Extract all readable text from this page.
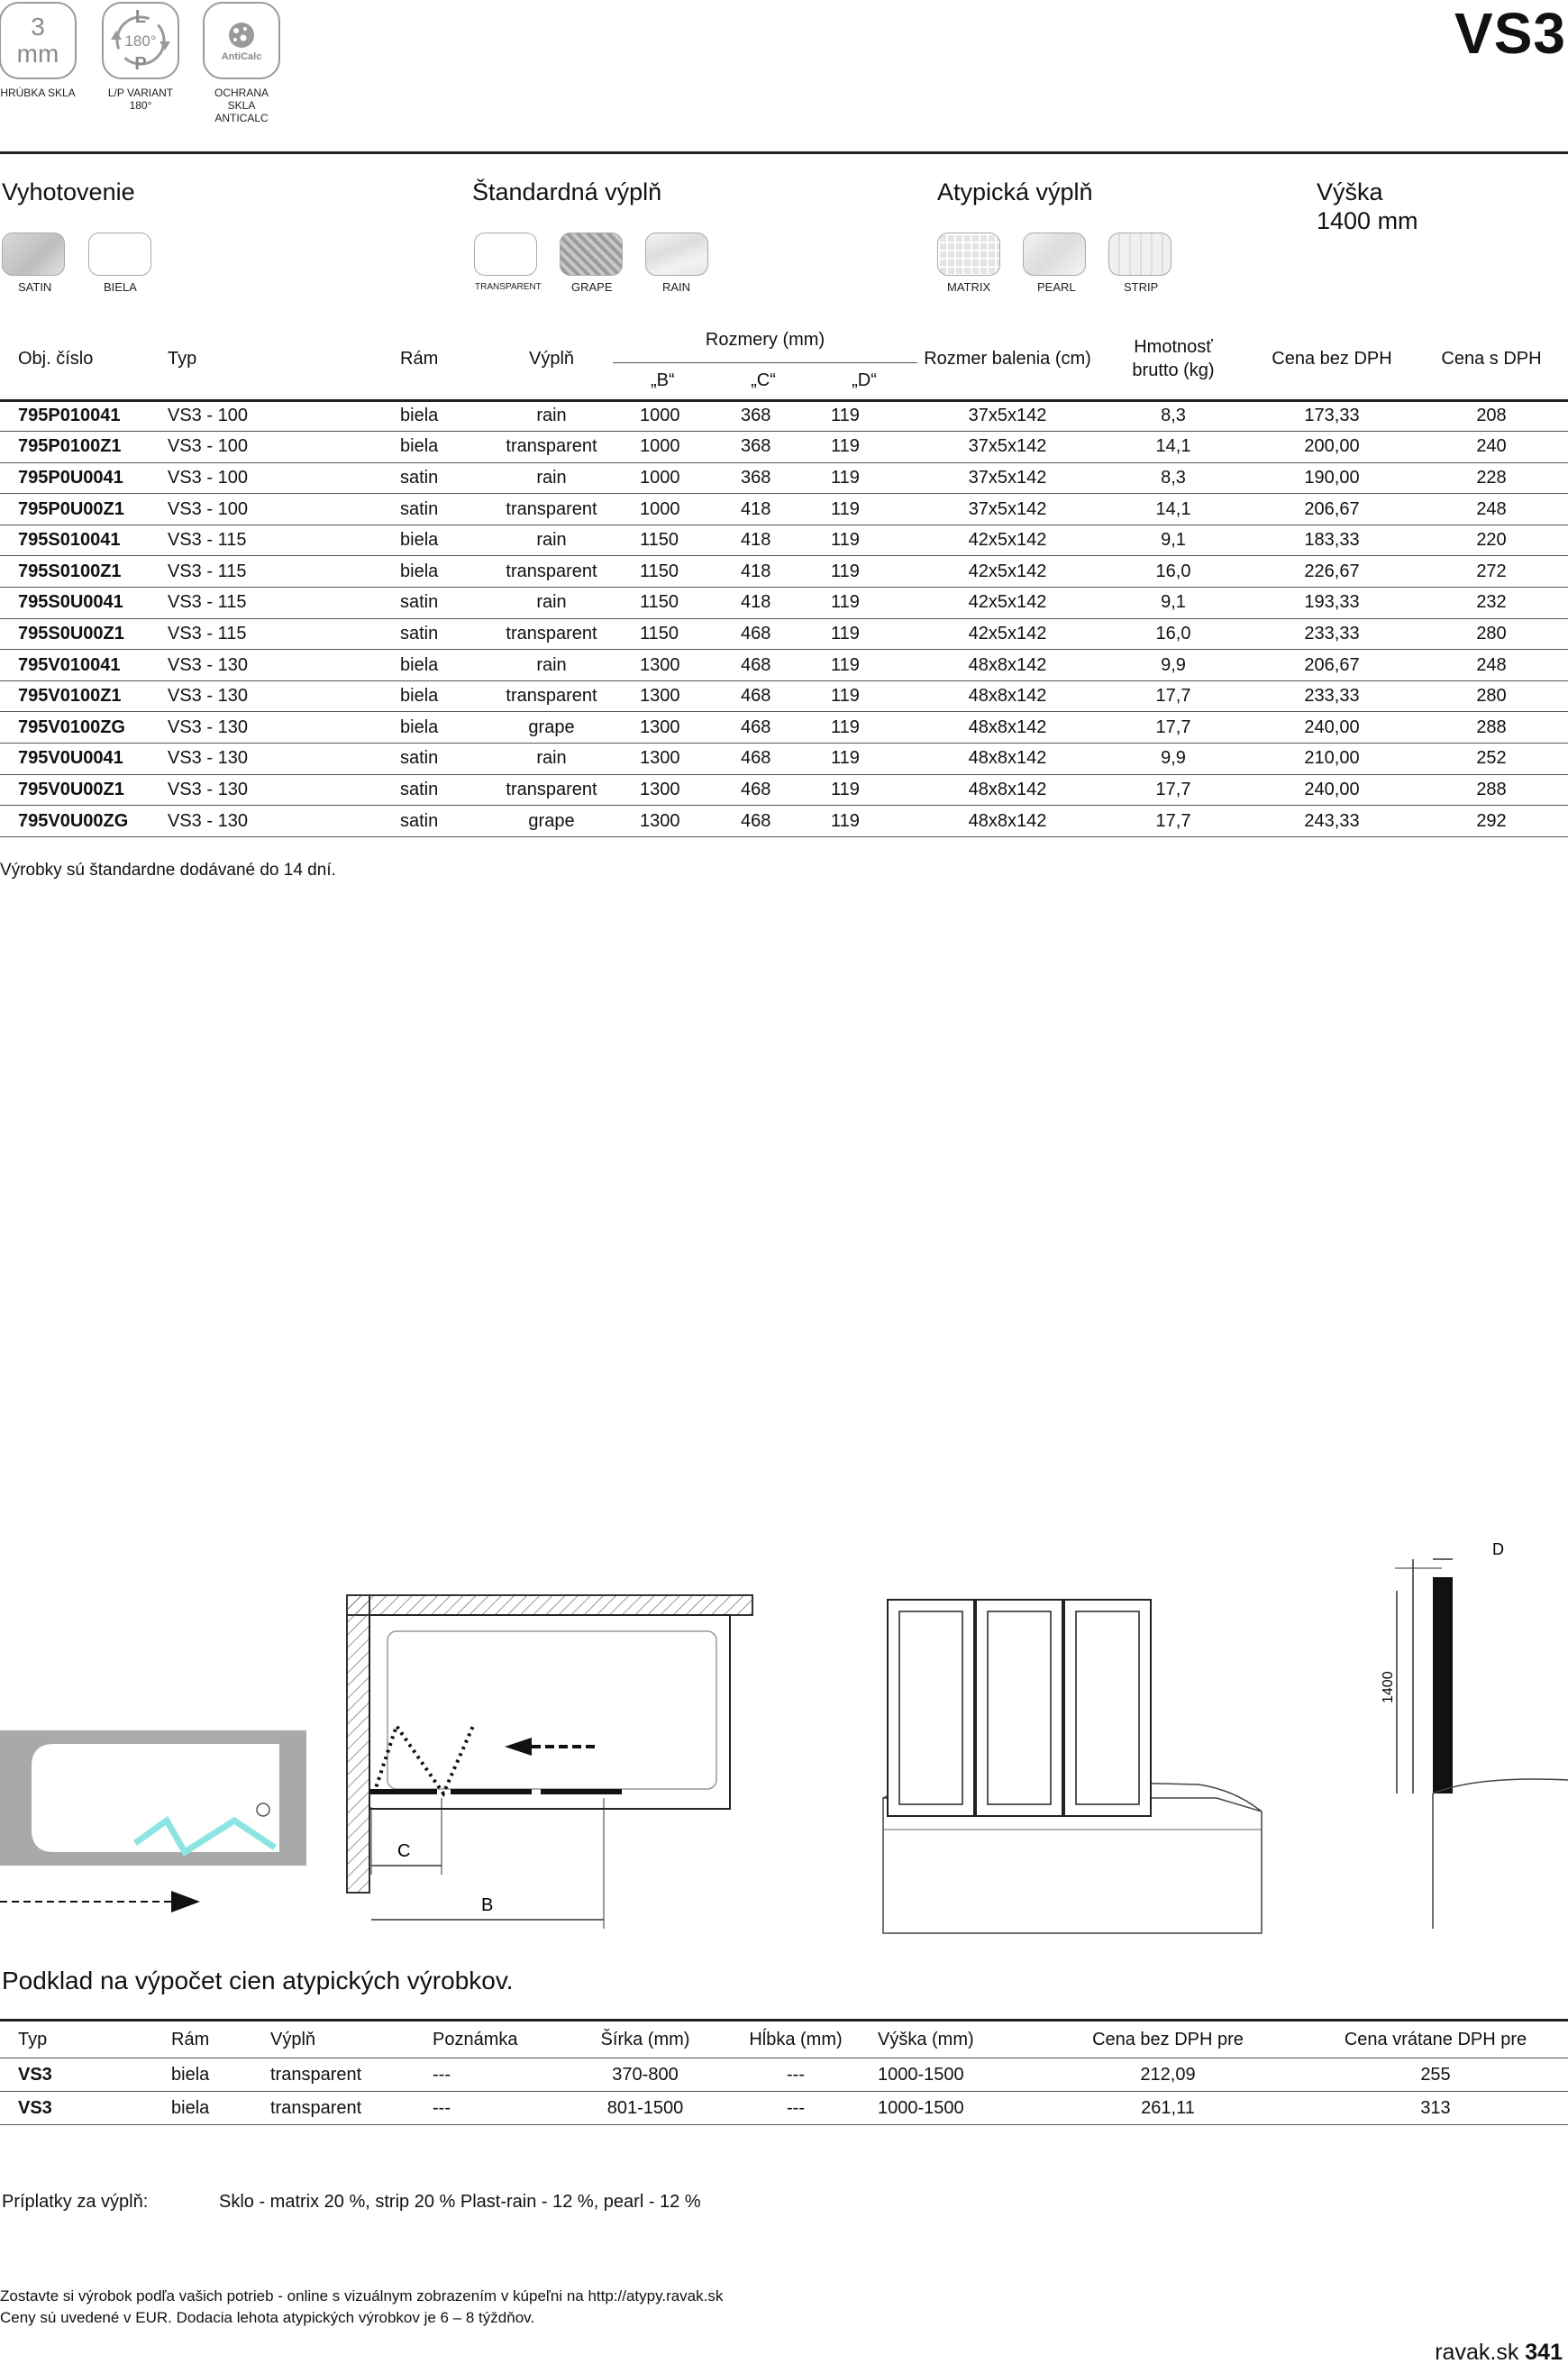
3
mm
HRÚBKA SKLA
L
180°
P
L/P VARIANT
180°
AntiCalc
OCHRANA
SKLA
ANTICALC
VS3
Vyhotovenie
SATIN	BIELA
Štandardná výplň
TRANSPARENT	GRAPE	RAIN
Atypická výplň
MATRIX	PEARL	STRIP
Výška
1400 mm
Obj. číslo	Typ	Rám	Výplň	Rozmery (mm)			Rozmer balenia (cm)	Hmotnosť
brutto (kg)	Cena bez DPH	Cena s DPH
				„B“	„C“	„D“				
795P010041	VS3 - 100	biela	rain	1000	368	119	37x5x142	8,3	173,33	208
795P0100Z1	VS3 - 100	biela	transparent	1000	368	119	37x5x142	14,1	200,00	240
795P0U0041	VS3 - 100	satin	rain	1000	368	119	37x5x142	8,3	190,00	228
795P0U00Z1	VS3 - 100	satin	transparent	1000	418	119	37x5x142	14,1	206,67	248
795S010041	VS3 - 115	biela	rain	1150	418	119	42x5x142	9,1	183,33	220
795S0100Z1	VS3 - 115	biela	transparent	1150	418	119	42x5x142	16,0	226,67	272
795S0U0041	VS3 - 115	satin	rain	1150	418	119	42x5x142	9,1	193,33	232
795S0U00Z1	VS3 - 115	satin	transparent	1150	468	119	42x5x142	16,0	233,33	280
795V010041	VS3 - 130	biela	rain	1300	468	119	48x8x142	9,9	206,67	248
795V0100Z1	VS3 - 130	biela	transparent	1300	468	119	48x8x142	17,7	233,33	280
795V0100ZG	VS3 - 130	biela	grape	1300	468	119	48x8x142	17,7	240,00	288
795V0U0041	VS3 - 130	satin	rain	1300	468	119	48x8x142	9,9	210,00	252
795V0U00Z1	VS3 - 130	satin	transparent	1300	468	119	48x8x142	17,7	240,00	288
795V0U00ZG	VS3 - 130	satin	grape	1300	468	119	48x8x142	17,7	243,33	292
Výrobky sú štandardne dodávané do 14 dní.
C
B
D
1400
Podklad na výpočet cien atypických výrobkov.
Typ	Rám	Výplň	Poznámka	Šírka (mm)	Hĺbka (mm)	Výška (mm)	Cena bez DPH pre	Cena vrátane DPH pre
VS3	biela	transparent	---	370-800	---	1000-1500	212,09	255
VS3	biela	transparent	---	801-1500	---	1000-1500	261,11	313
Príplatky za výplň:	Sklo - matrix 20 %, strip 20 % Plast-rain - 12 %, pearl - 12 %
Zostavte si výrobok podľa vašich potrieb - online s vizuálnym zobrazením v kúpeľni na http://atypy.ravak.sk
Ceny sú uvedené v EUR. Dodacia lehota atypických výrobkov je 6 – 8 týždňov.
ravak.sk 341
